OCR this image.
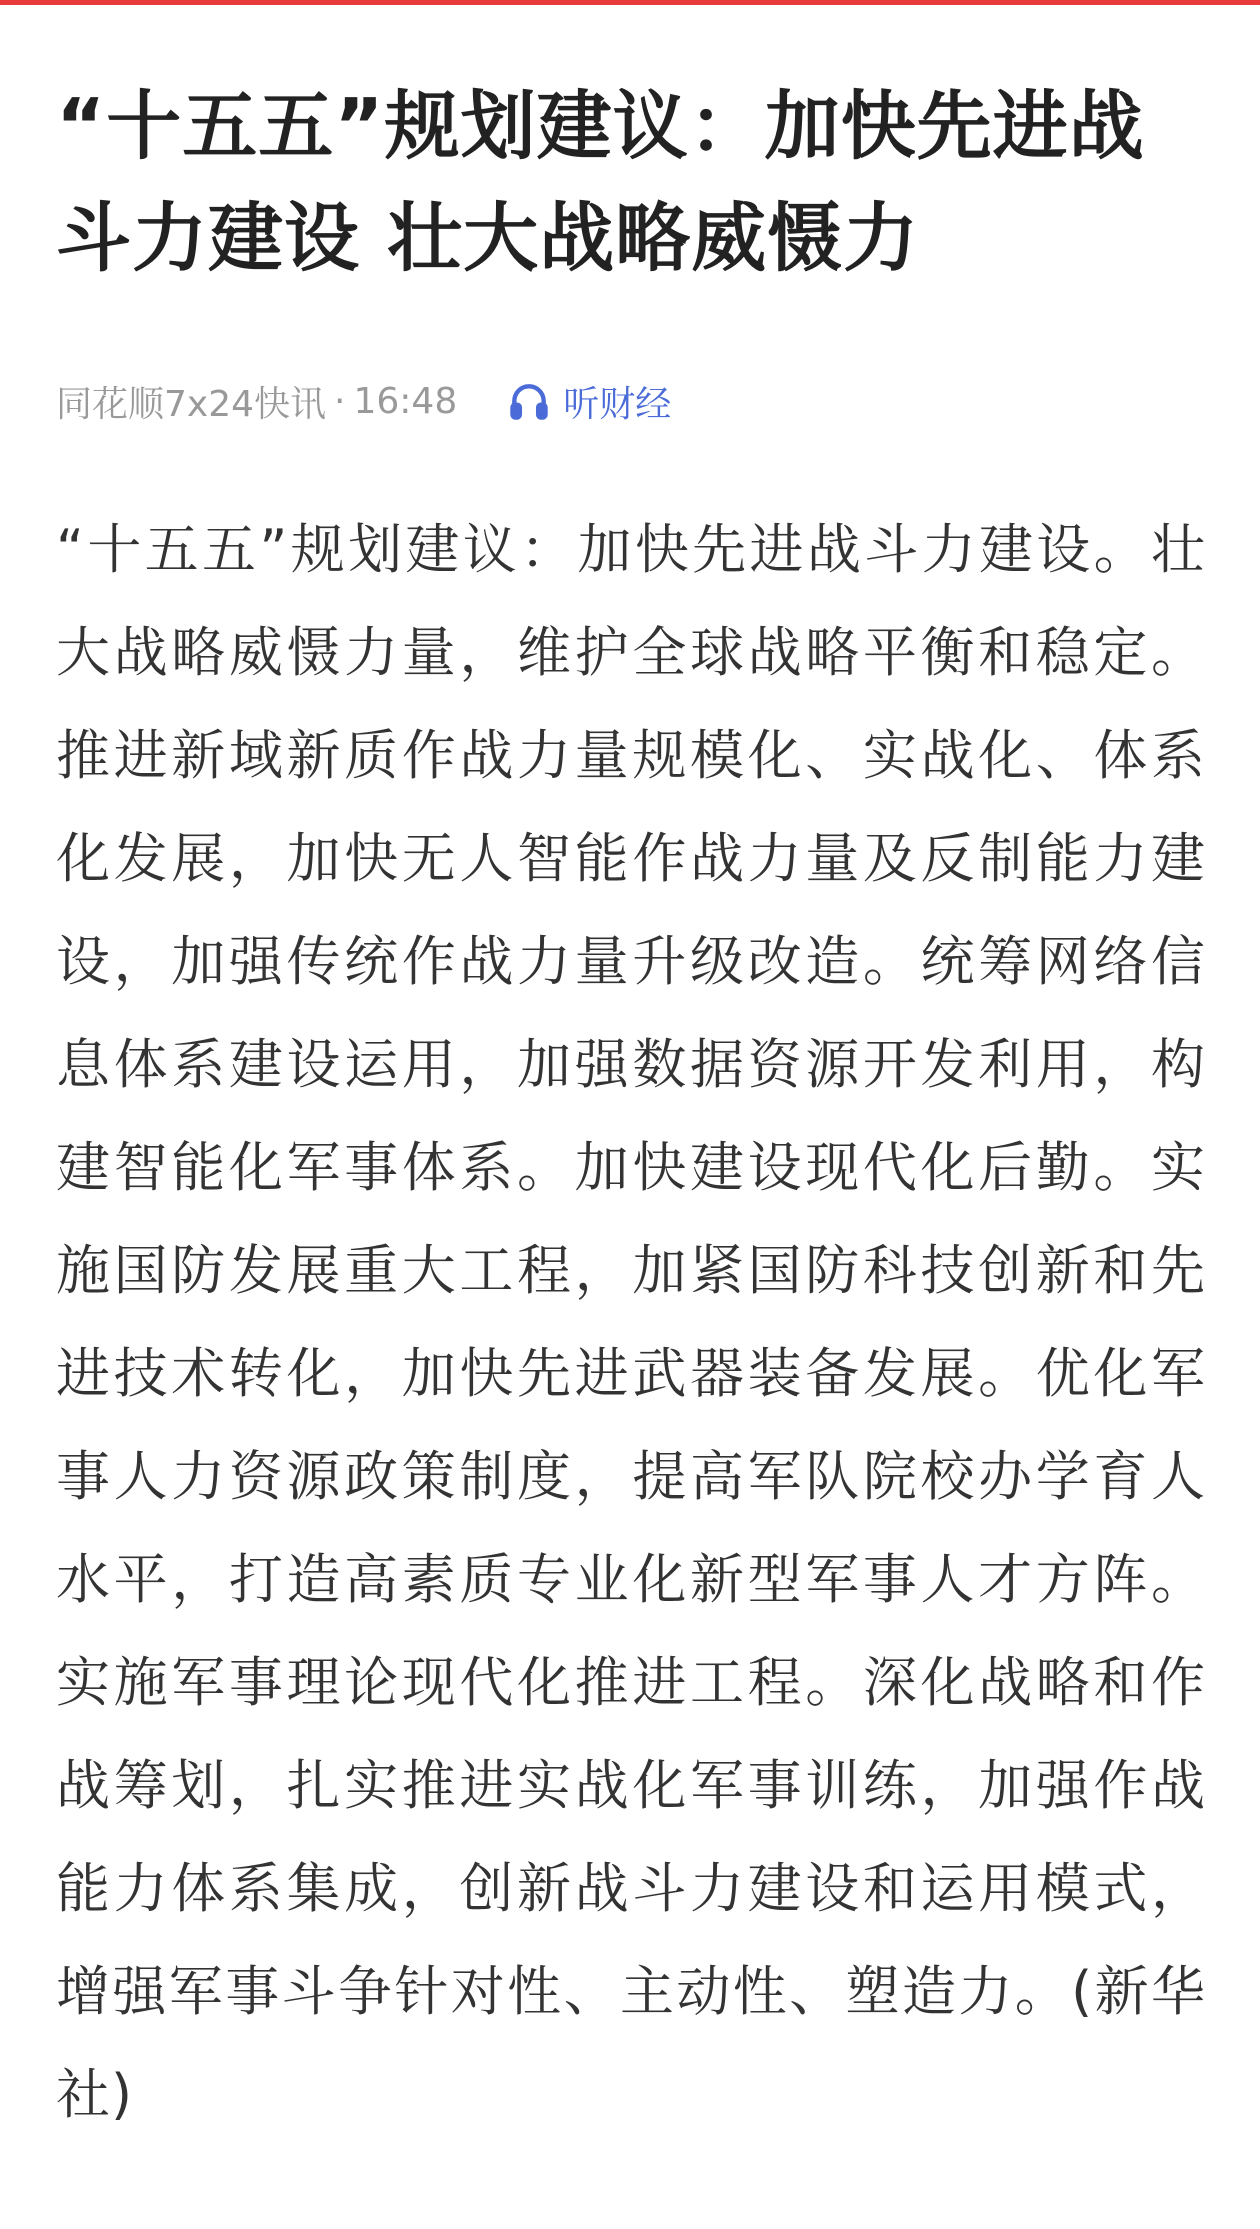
“十五五”规划建议：加快先进战斗力建设 壮大战略威慑力
同花顺7x24快讯 · 16:48	听财经

“十五五”规划建议：加快先进战斗力建设。壮大战略威慑力量，维护全球战略平衡和稳定。推进新域新质作战力量规模化、实战化、体系化发展，加快无人智能作战力量及反制能力建设，加强传统作战力量升级改造。统筹网络信息体系建设运用，加强数据资源开发利用，构建智能化军事体系。加快建设现代化后勤。实施国防发展重大工程，加紧国防科技创新和先进技术转化，加快先进武器装备发展。优化军事人力资源政策制度，提高军队院校办学育人水平，打造高素质专业化新型军事人才方阵。实施军事理论现代化推进工程。深化战略和作战筹划，扎实推进实战化军事训练，加强作战能力体系集成，创新战斗力建设和运用模式，增强军事斗争针对性、主动性、塑造力。(新华社)
